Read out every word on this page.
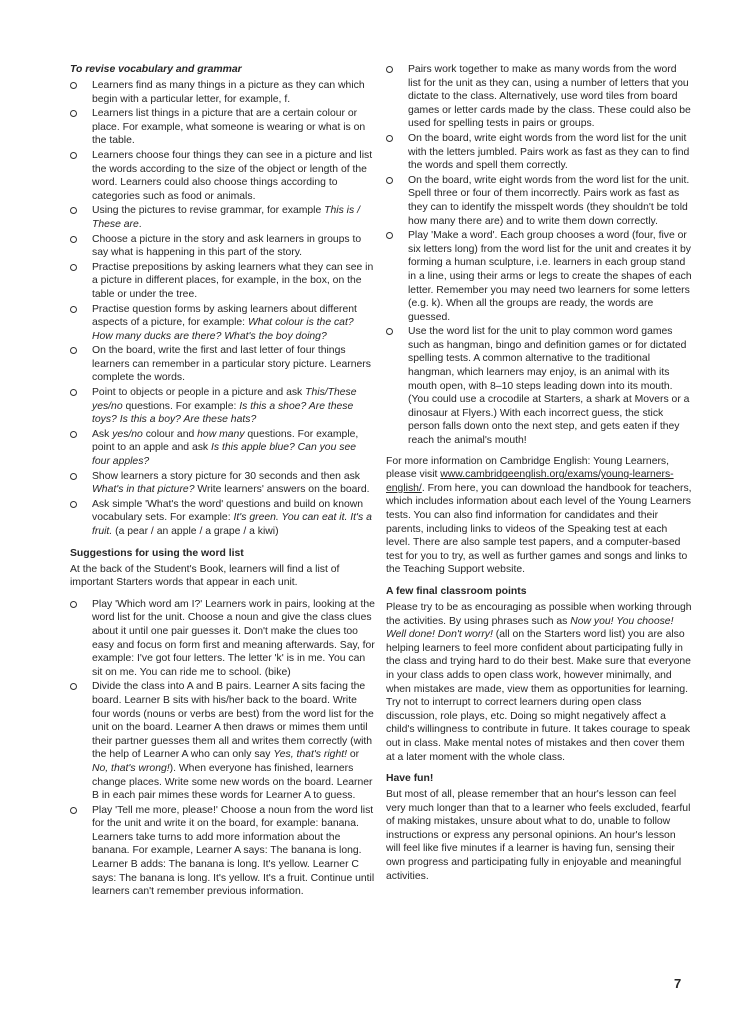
To revise vocabulary and grammar

Learners find as many things in a picture as they can which begin with a particular letter, for example, f.
Learners list things in a picture that are a certain colour or place. For example, what someone is wearing or what is on the table.
Learners choose four things they can see in a picture and list the words according to the size of the object or length of the word. Learners could also choose things according to categories such as food or animals.
Using the pictures to revise grammar, for example This is / These are.
Choose a picture in the story and ask learners in groups to say what is happening in this part of the story.
Practise prepositions by asking learners what they can see in a picture in different places, for example, in the box, on the table or under the tree.
Practise question forms by asking learners about different aspects of a picture, for example: What colour is the cat? How many ducks are there? What's the boy doing?
On the board, write the first and last letter of four things learners can remember in a particular story picture. Learners complete the words.
Point to objects or people in a picture and ask This/These yes/no questions. For example: Is this a shoe? Are these toys? Is this a boy? Are these hats?
Ask yes/no colour and how many questions. For example, point to an apple and ask Is this apple blue? Can you see four apples?
Show learners a story picture for 30 seconds and then ask What's in that picture? Write learners' answers on the board.
Ask simple 'What's the word' questions and build on known vocabulary sets. For example: It's green. You can eat it. It's a fruit. (a pear / an apple / a grape / a kiwi)

Suggestions for using the word list

At the back of the Student's Book, learners will find a list of important Starters words that appear in each unit.

Play 'Which word am I?' Learners work in pairs, looking at the word list for the unit. Choose a noun and give the class clues about it until one pair guesses it. Don't make the clues too easy and focus on form first and meaning afterwards. Say, for example: I've got four letters. The letter 'k' is in me. You can sit on me. You can ride me to school. (bike)
Divide the class into A and B pairs. Learner A sits facing the board. Learner B sits with his/her back to the board. Write four words (nouns or verbs are best) from the word list for the unit on the board. Learner A then draws or mimes them until their partner guesses them all and writes them correctly (with the help of Learner A who can only say Yes, that's right! or No, that's wrong!). When everyone has finished, learners change places. Write some new words on the board. Learner B in each pair mimes these words for Learner A to guess.
Play 'Tell me more, please!' Choose a noun from the word list for the unit and write it on the board, for example: banana. Learners take turns to add more information about the banana. For example, Learner A says: The banana is long. Learner B adds: The banana is long. It's yellow. Learner C says: The banana is long. It's yellow. It's a fruit. Continue until learners can't remember previous information.
Pairs work together to make as many words from the word list for the unit as they can, using a number of letters that you dictate to the class. Alternatively, use word tiles from board games or letter cards made by the class. These could also be used for spelling tests in pairs or groups.
On the board, write eight words from the word list for the unit with the letters jumbled. Pairs work as fast as they can to find the words and spell them correctly.
On the board, write eight words from the word list for the unit. Spell three or four of them incorrectly. Pairs work as fast as they can to identify the misspelt words (they shouldn't be told how many there are) and to write them down correctly.
Play 'Make a word'. Each group chooses a word (four, five or six letters long) from the word list for the unit and creates it by forming a human sculpture, i.e. learners in each group stand in a line, using their arms or legs to create the shapes of each letter. Remember you may need two learners for some letters (e.g. k). When all the groups are ready, the words are guessed.
Use the word list for the unit to play common word games such as hangman, bingo and definition games or for dictated spelling tests. A common alternative to the traditional hangman, which learners may enjoy, is an animal with its mouth open, with 8–10 steps leading down into its mouth. (You could use a crocodile at Starters, a shark at Movers or a dinosaur at Flyers.) With each incorrect guess, the stick person falls down onto the next step, and gets eaten if they reach the animal's mouth!

For more information on Cambridge English: Young Learners, please visit www.cambridgeenglish.org/exams/young-learners-english/. From here, you can download the handbook for teachers, which includes information about each level of the Young Learners tests. You can also find information for candidates and their parents, including links to videos of the Speaking test at each level. There are also sample test papers, and a computer-based test for you to try, as well as further games and songs and links to the Teaching Support website.

A few final classroom points

Please try to be as encouraging as possible when working through the activities. By using phrases such as Now you! You choose! Well done! Don't worry! (all on the Starters word list) you are also helping learners to feel more confident about participating fully in the class and trying hard to do their best. Make sure that everyone in your class adds to open class work, however minimally, and when mistakes are made, view them as opportunities for learning. Try not to interrupt to correct learners during open class discussion, role plays, etc. Doing so might negatively affect a child's willingness to contribute in future. It takes courage to speak out in class. Make mental notes of mistakes and then cover them at a later moment with the whole class.

Have fun!

But most of all, please remember that an hour's lesson can feel very much longer than that to a learner who feels excluded, fearful of making mistakes, unsure about what to do, unable to follow instructions or express any personal opinions. An hour's lesson will feel like five minutes if a learner is having fun, sensing their own progress and participating fully in enjoyable and meaningful activities.

7
